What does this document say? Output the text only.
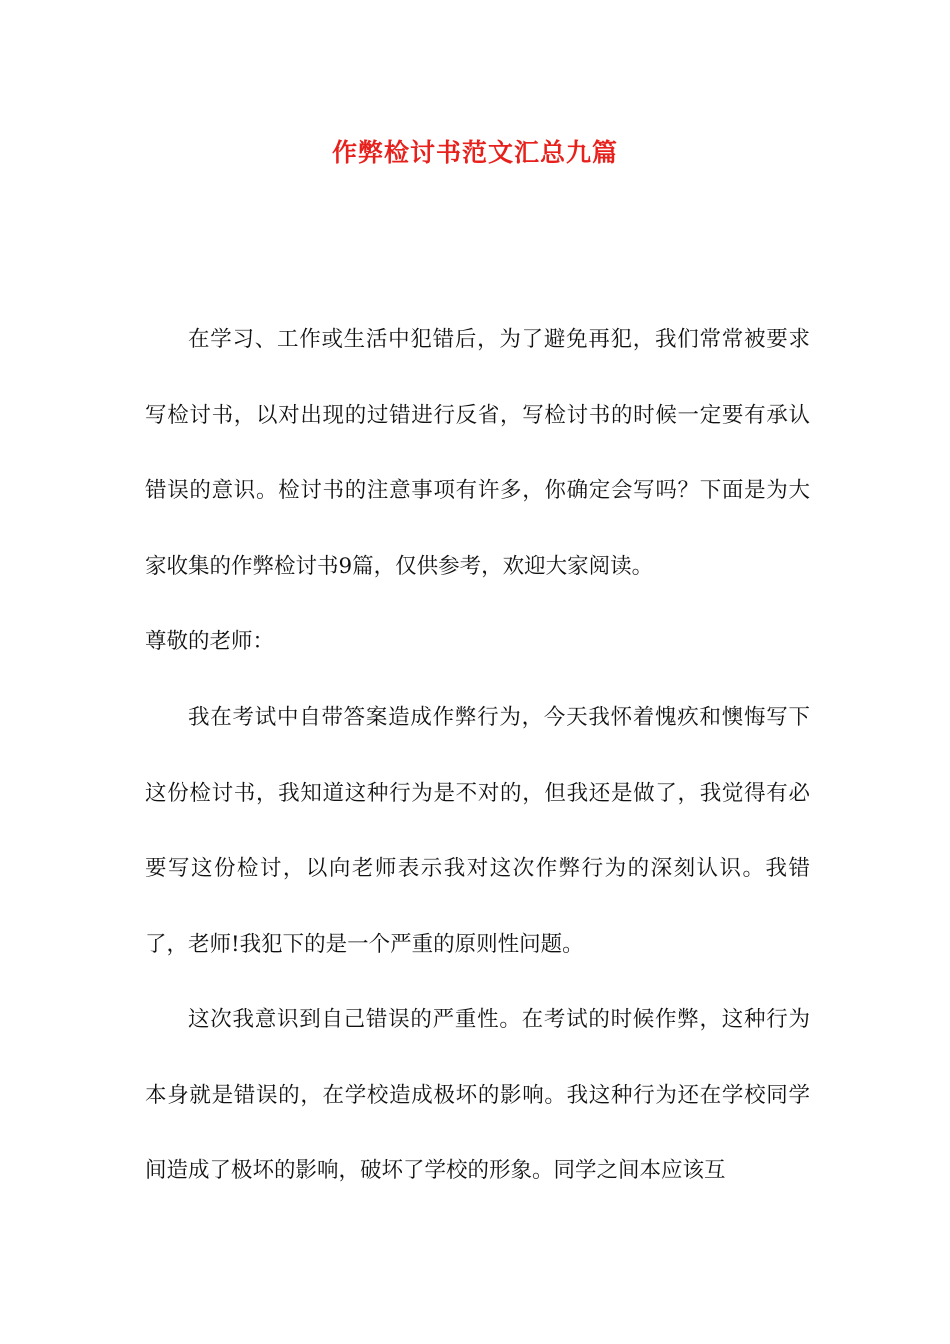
作弊检讨书范文汇总九篇

在学习、工作或生活中犯错后，为了避免再犯，我们常常被要求写检讨书，以对出现的过错进行反省，写检讨书的时候一定要有承认错误的意识。检讨书的注意事项有许多，你确定会写吗？下面是为大家收集的作弊检讨书9篇，仅供参考，欢迎大家阅读。

尊敬的老师：

我在考试中自带答案造成作弊行为，今天我怀着愧疚和懊悔写下这份检讨书，我知道这种行为是不对的，但我还是做了，我觉得有必要写这份检讨，以向老师表示我对这次作弊行为的深刻认识。我错了，老师!我犯下的是一个严重的原则性问题。

这次我意识到自己错误的严重性。在考试的时候作弊，这种行为本身就是错误的，在学校造成极坏的影响。我这种行为还在学校同学间造成了极坏的影响，破坏了学校的形象。同学之间本应该互
